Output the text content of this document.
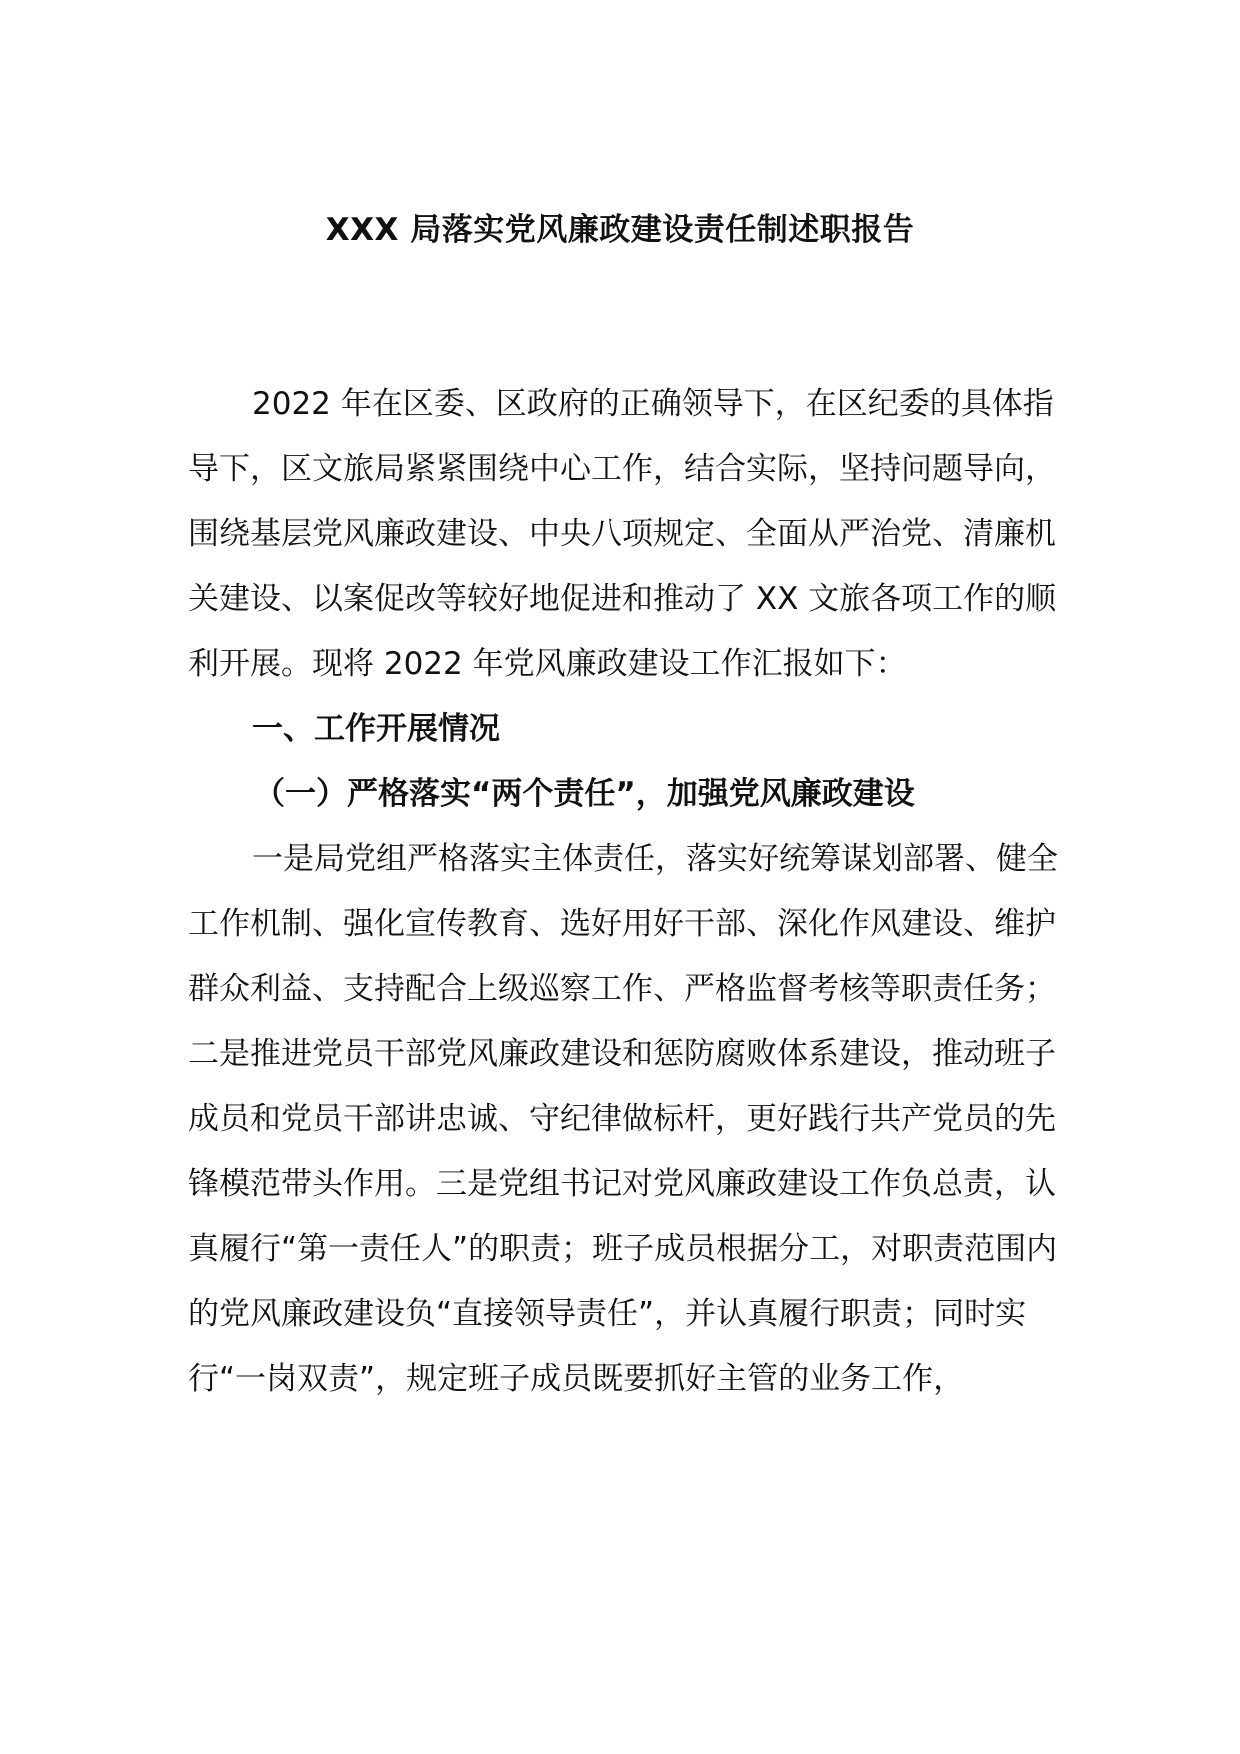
XXX 局落实党风廉政建设责任制述职报告

2022 年在区委、区政府的正确领导下，在区纪委的具体指导下，区文旅局紧紧围绕中心工作，结合实际，坚持问题导向，围绕基层党风廉政建设、中央八项规定、全面从严治党、清廉机关建设、以案促改等较好地促进和推动了 XX 文旅各项工作的顺利开展。现将 2022 年党风廉政建设工作汇报如下：

一、工作开展情况

（一）严格落实“两个责任”，加强党风廉政建设

一是局党组严格落实主体责任，落实好统筹谋划部署、健全工作机制、强化宣传教育、选好用好干部、深化作风建设、维护群众利益、支持配合上级巡察工作、严格监督考核等职责任务；二是推进党员干部党风廉政建设和惩防腐败体系建设，推动班子成员和党员干部讲忠诚、守纪律做标杆，更好践行共产党员的先锋模范带头作用。三是党组书记对党风廉政建设工作负总责，认真履行“第一责任人”的职责；班子成员根据分工，对职责范围内的党风廉政建设负“直接领导责任”，并认真履行职责；同时实行“一岗双责”，规定班子成员既要抓好主管的业务工作，
